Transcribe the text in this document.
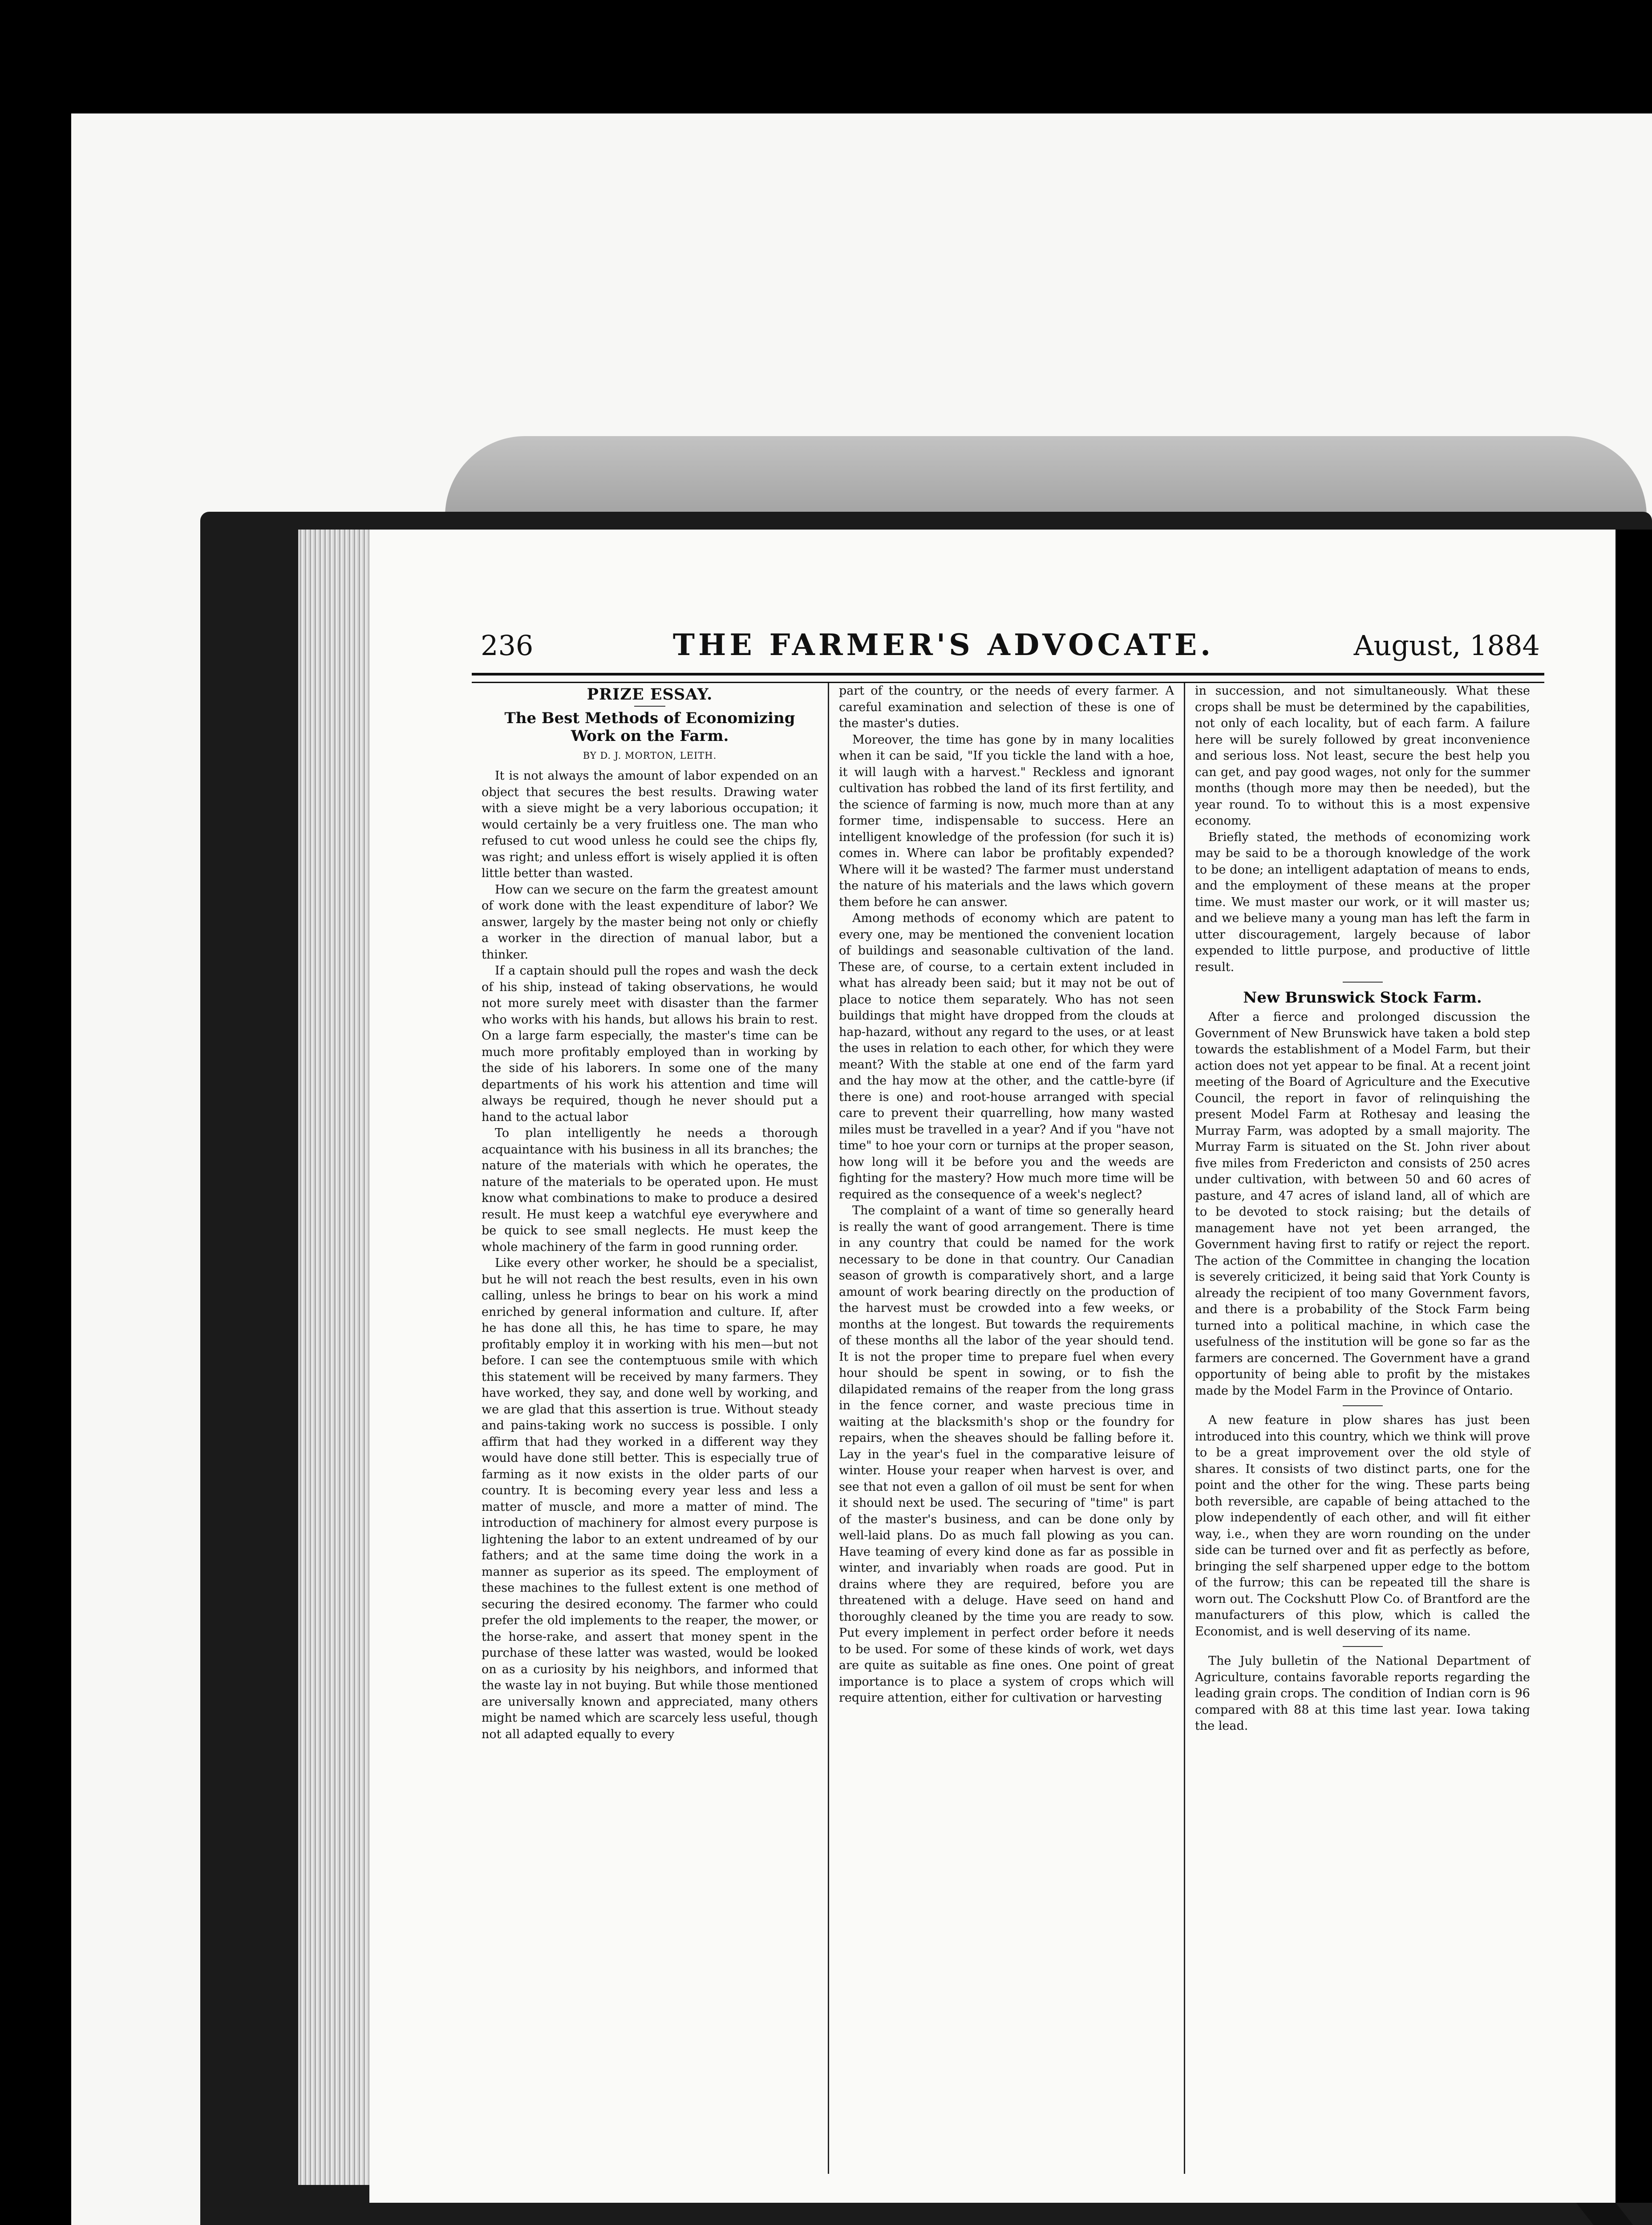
236	THE FARMER'S ADVOCATE.	August, 1884
PRIZE ESSAY.
The Best Methods of Economizing Work on the Farm.
BY D. J. MORTON, LEITH.

It is not always the amount of labor expended on an object that secures the best results. Drawing water with a sieve might be a very laborious occupation; it would certainly be a very fruitless one. The man who refused to cut wood unless he could see the chips fly, was right; and unless effort is wisely applied it is often little better than wasted.

How can we secure on the farm the greatest amount of work done with the least expenditure of labor? We answer, largely by the master being not only or chiefly a worker in the direction of manual labor, but a thinker.

If a captain should pull the ropes and wash the deck of his ship, instead of taking observations, he would not more surely meet with disaster than the farmer who works with his hands, but allows his brain to rest. On a large farm especially, the master's time can be much more profitably employed than in working by the side of his laborers. In some one of the many departments of his work his attention and time will always be required, though he never should put a hand to the actual labor

To plan intelligently he needs a thorough acquaintance with his business in all its branches; the nature of the materials with which he operates, the nature of the materials to be operated upon. He must know what combinations to make to produce a desired result. He must keep a watchful eye everywhere and be quick to see small neglects. He must keep the whole machinery of the farm in good running order.

Like every other worker, he should be a specialist, but he will not reach the best results, even in his own calling, unless he brings to bear on his work a mind enriched by general information and culture. If, after he has done all this, he has time to spare, he may profitably employ it in working with his men—but not before. I can see the contemptuous smile with which this statement will be received by many farmers. They have worked, they say, and done well by working, and we are glad that this assertion is true. Without steady and pains-taking work no success is possible. I only affirm that had they worked in a different way they would have done still better. This is especially true of farming as it now exists in the older parts of our country. It is becoming every year less and less a matter of muscle, and more a matter of mind. The introduction of machinery for almost every purpose is lightening the labor to an extent undreamed of by our fathers; and at the same time doing the work in a manner as superior as its speed. The employment of these machines to the fullest extent is one method of securing the desired economy. The farmer who could prefer the old implements to the reaper, the mower, or the horse-rake, and assert that money spent in the purchase of these latter was wasted, would be looked on as a curiosity by his neighbors, and informed that the waste lay in not buying. But while those mentioned are universally known and appreciated, many others might be named which are scarcely less useful, though not all adapted equally to every

part of the country, or the needs of every farmer. A careful examination and selection of these is one of the master's duties.

Moreover, the time has gone by in many localities when it can be said, "If you tickle the land with a hoe, it will laugh with a harvest." Reckless and ignorant cultivation has robbed the land of its first fertility, and the science of farming is now, much more than at any former time, indispensable to success. Here an intelligent knowledge of the profession (for such it is) comes in. Where can labor be profitably expended? Where will it be wasted? The farmer must understand the nature of his materials and the laws which govern them before he can answer.

Among methods of economy which are patent to every one, may be mentioned the convenient location of buildings and seasonable cultivation of the land. These are, of course, to a certain extent included in what has already been said; but it may not be out of place to notice them separately. Who has not seen buildings that might have dropped from the clouds at hap-hazard, without any regard to the uses, or at least the uses in relation to each other, for which they were meant? With the stable at one end of the farm yard and the hay mow at the other, and the cattle-byre (if there is one) and root-house arranged with special care to prevent their quarrelling, how many wasted miles must be travelled in a year? And if you "have not time" to hoe your corn or turnips at the proper season, how long will it be before you and the weeds are fighting for the mastery? How much more time will be required as the consequence of a week's neglect?

The complaint of a want of time so generally heard is really the want of good arrangement. There is time in any country that could be named for the work necessary to be done in that country. Our Canadian season of growth is comparatively short, and a large amount of work bearing directly on the production of the harvest must be crowded into a few weeks, or months at the longest. But towards the requirements of these months all the labor of the year should tend. It is not the proper time to prepare fuel when every hour should be spent in sowing, or to fish the dilapidated remains of the reaper from the long grass in the fence corner, and waste precious time in waiting at the blacksmith's shop or the foundry for repairs, when the sheaves should be falling before it. Lay in the year's fuel in the comparative leisure of winter. House your reaper when harvest is over, and see that not even a gallon of oil must be sent for when it should next be used. The securing of "time" is part of the master's business, and can be done only by well-laid plans. Do as much fall plowing as you can. Have teaming of every kind done as far as possible in winter, and invariably when roads are good. Put in drains where they are required, before you are threatened with a deluge. Have seed on hand and thoroughly cleaned by the time you are ready to sow. Put every implement in perfect order before it needs to be used. For some of these kinds of work, wet days are quite as suitable as fine ones. One point of great importance is to place a system of crops which will require attention, either for cultivation or harvesting

in succession, and not simultaneously. What these crops shall be must be determined by the capabilities, not only of each locality, but of each farm. A failure here will be surely followed by great inconvenience and serious loss. Not least, secure the best help you can get, and pay good wages, not only for the summer months (though more may then be needed), but the year round. To to without this is a most expensive economy.

Briefly stated, the methods of economizing work may be said to be a thorough knowledge of the work to be done; an intelligent adaptation of means to ends, and the employment of these means at the proper time. We must master our work, or it will master us; and we believe many a young man has left the farm in utter discouragement, largely because of labor expended to little purpose, and productive of little result.

New Brunswick Stock Farm.

After a fierce and prolonged discussion the Government of New Brunswick have taken a bold step towards the establishment of a Model Farm, but their action does not yet appear to be final. At a recent joint meeting of the Board of Agriculture and the Executive Council, the report in favor of relinquishing the present Model Farm at Rothesay and leasing the Murray Farm, was adopted by a small majority. The Murray Farm is situated on the St. John river about five miles from Fredericton and consists of 250 acres under cultivation, with between 50 and 60 acres of pasture, and 47 acres of island land, all of which are to be devoted to stock raising; but the details of management have not yet been arranged, the Government having first to ratify or reject the report. The action of the Committee in changing the location is severely criticized, it being said that York County is already the recipient of too many Government favors, and there is a probability of the Stock Farm being turned into a political machine, in which case the usefulness of the institution will be gone so far as the farmers are concerned. The Government have a grand opportunity of being able to profit by the mistakes made by the Model Farm in the Province of Ontario.

A new feature in plow shares has just been introduced into this country, which we think will prove to be a great improvement over the old style of shares. It consists of two distinct parts, one for the point and the other for the wing. These parts being both reversible, are capable of being attached to the plow independently of each other, and will fit either way, i.e., when they are worn rounding on the under side can be turned over and fit as perfectly as before, bringing the self sharpened upper edge to the bottom of the furrow; this can be repeated till the share is worn out. The Cockshutt Plow Co. of Brantford are the manufacturers of this plow, which is called the Economist, and is well deserving of its name.

The July bulletin of the National Department of Agriculture, contains favorable reports regarding the leading grain crops. The condition of Indian corn is 96 compared with 88 at this time last year. Iowa taking the lead.
